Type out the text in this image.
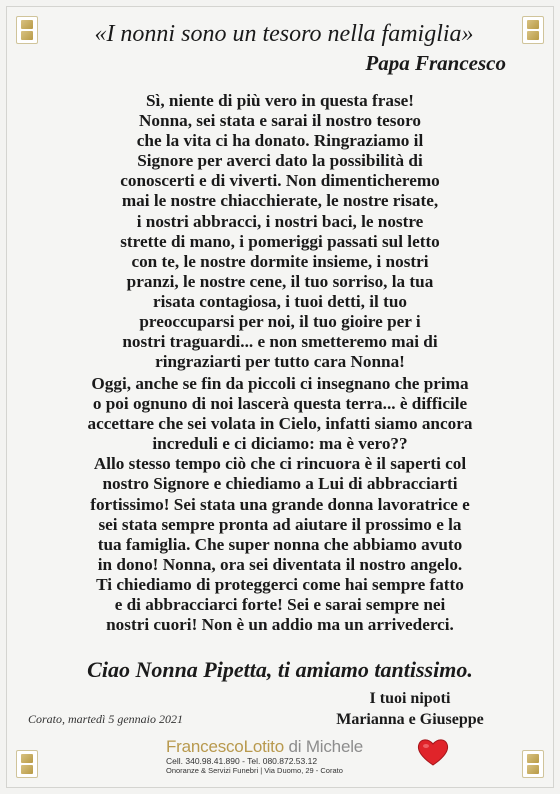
«I nonni sono un tesoro nella famiglia»
Papa Francesco
Sì, niente di più vero in questa frase!
Nonna, sei stata e sarai il nostro tesoro
che la vita ci ha donato. Ringraziamo il
Signore per averci dato la possibilità di
conoscerti e di viverti. Non dimenticheremo
mai le nostre chiacchierate, le nostre risate,
i nostri abbracci, i nostri baci, le nostre
strette di mano, i pomeriggi passati sul letto
con te, le nostre dormite insieme, i nostri
pranzi, le nostre cene, il tuo sorriso, la tua
risata contagiosa, i tuoi detti, il tuo
preoccuparsi per noi, il tuo gioire per i
nostri traguardi... e non smetteremo mai di
ringraziarti per tutto cara Nonna!
Oggi, anche se fin da piccoli ci insegnano che prima
o poi ognuno di noi lascerà questa terra... è difficile
accettare che sei volata in Cielo, infatti siamo ancora
increduli e ci diciamo: ma è vero??
Allo stesso tempo ciò che ci rincuora è il saperti col
nostro Signore e chiediamo a Lui di abbracciarti
fortissimo! Sei stata una grande donna lavoratrice e
sei stata sempre pronta ad aiutare il prossimo e la
tua famiglia. Che super nonna che abbiamo avuto
in dono! Nonna, ora sei diventata il nostro angelo.
Ti chiediamo di proteggerci come hai sempre fatto
e di abbracciarci forte! Sei e sarai sempre nei
nostri cuori! Non è un addio ma un arrivederci.
Ciao Nonna Pipetta, ti amiamo tantissimo.
I tuoi nipoti
Marianna e Giuseppe
Corato, martedì 5 gennaio 2021
FrancescoLotito di Michele
Cell. 340.98.41.890 - Tel. 080.872.53.12
Onoranze & Servizi Funebri | Via Duomo, 29 - Corato
